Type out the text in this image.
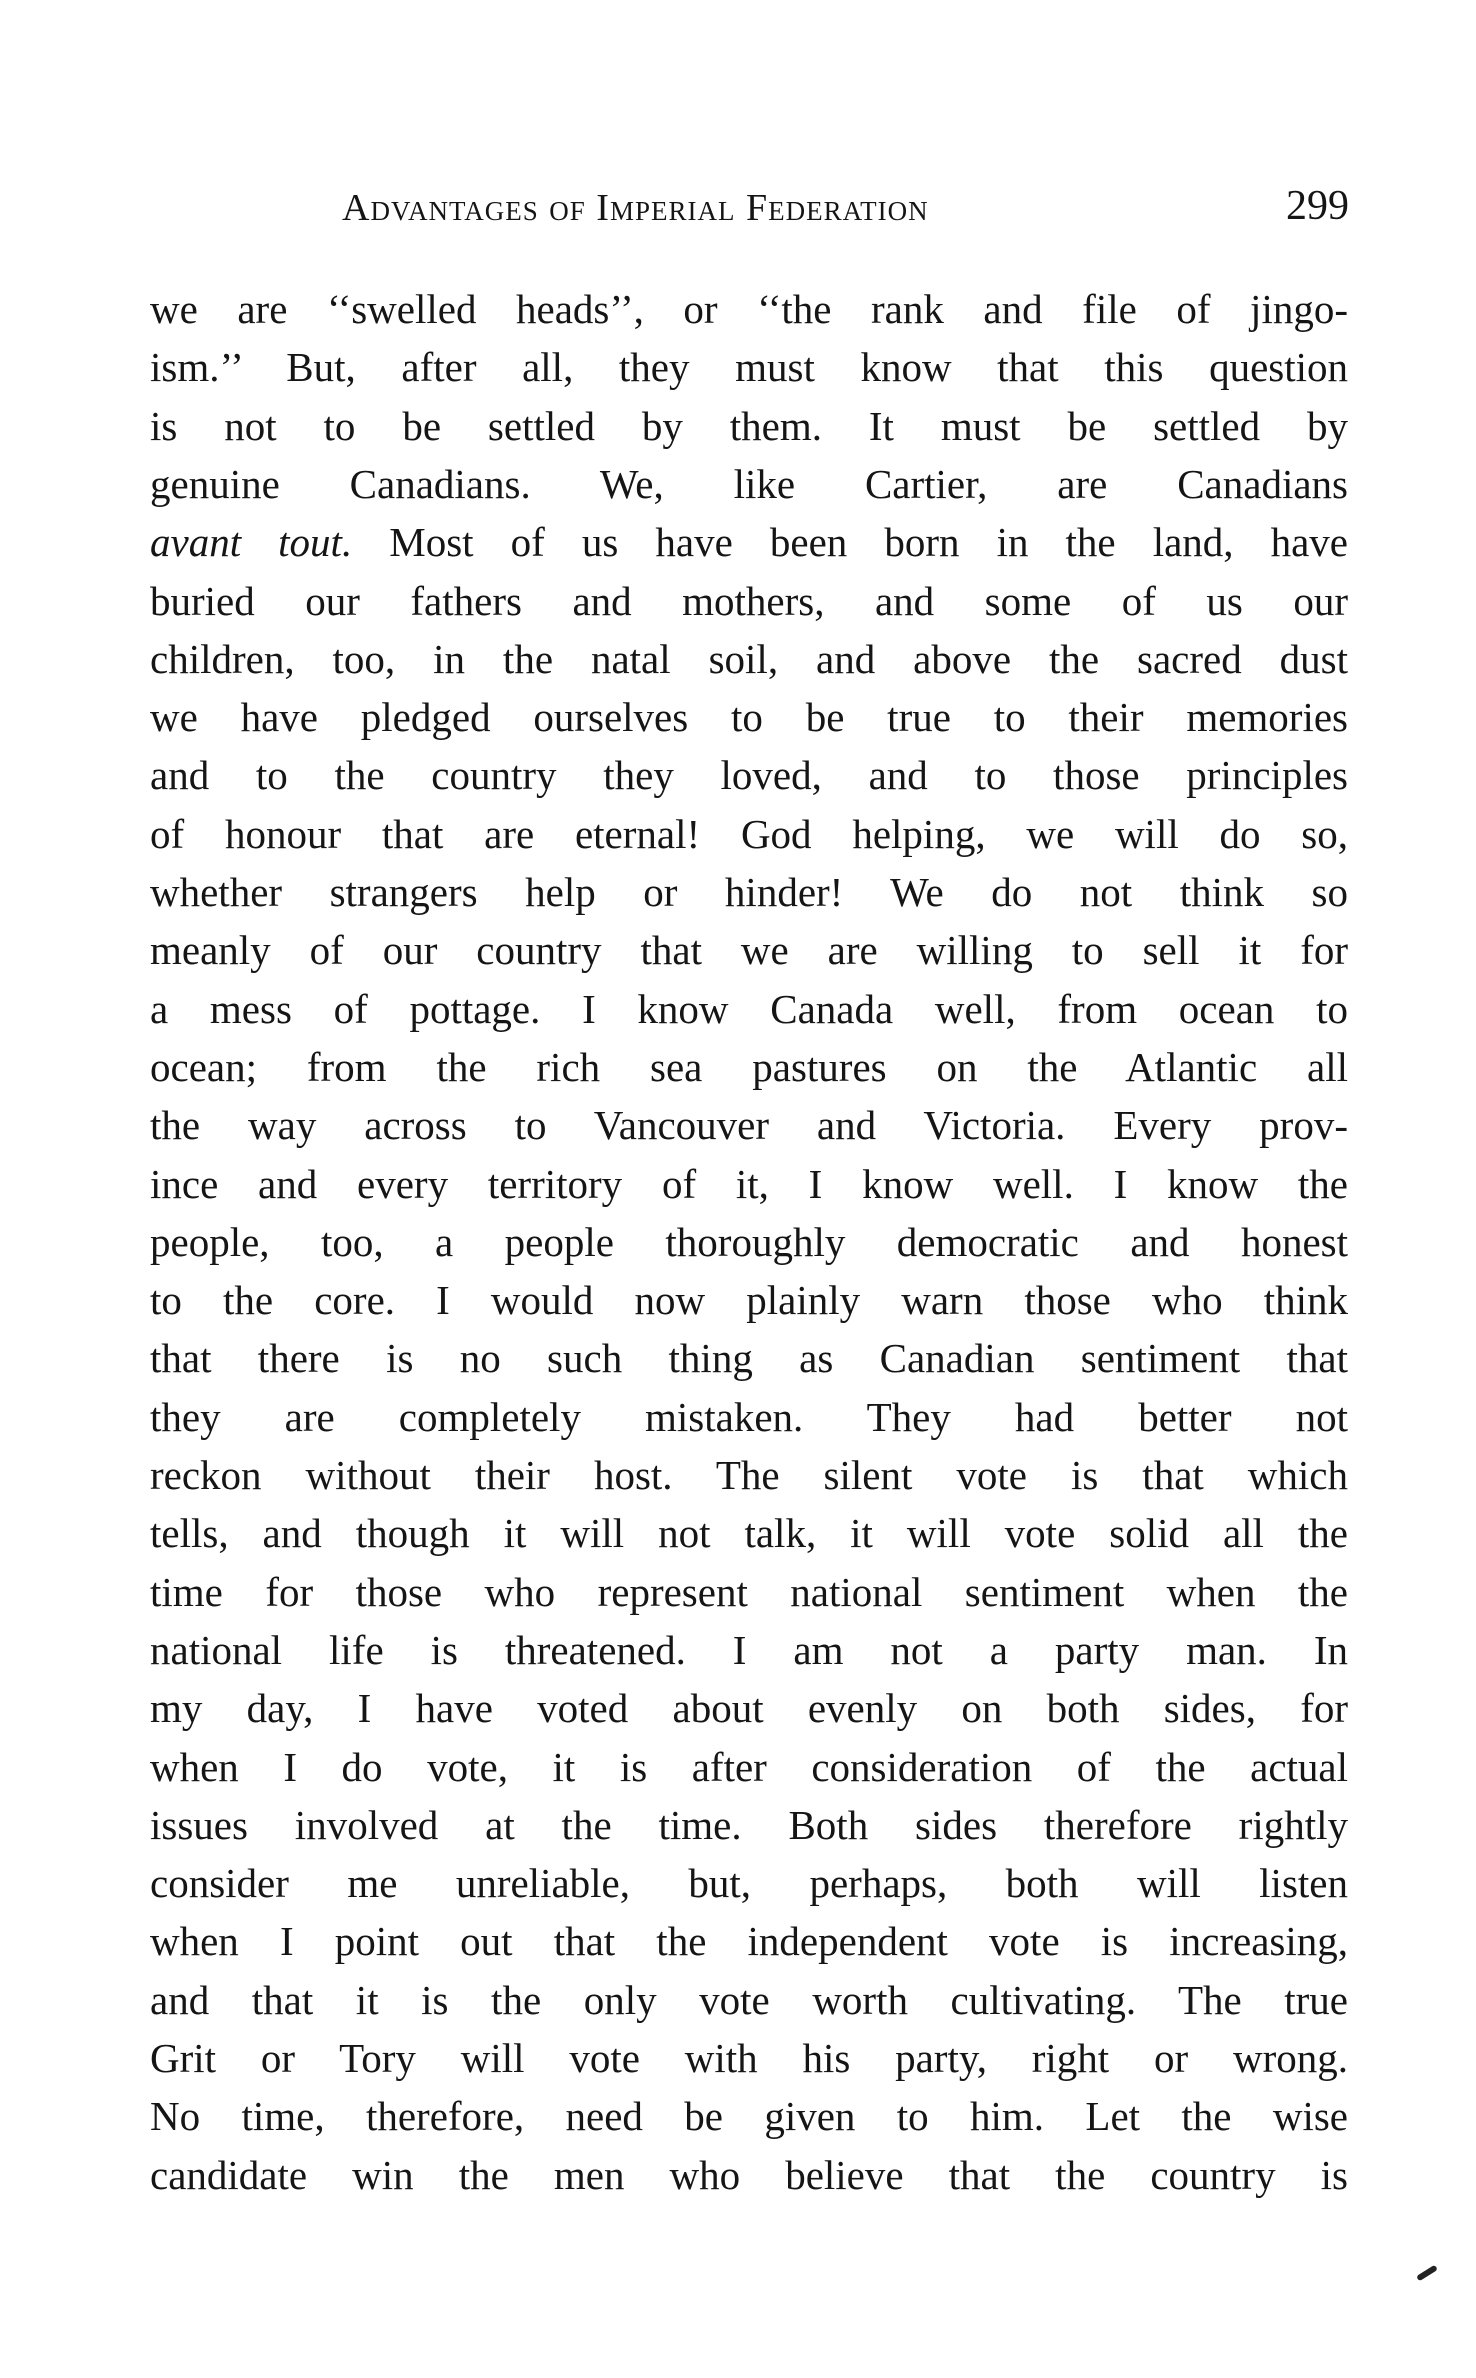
Advantages of Imperial Federation	299
we are ‘‘swelled heads’’, or ‘‘the rank and file of jingo-
ism.’’ But, after all, they must know that this question
is not to be settled by them. It must be settled by
genuine Canadians. We, like Cartier, are Canadians
avant tout. Most of us have been born in the land, have
buried our fathers and mothers, and some of us our
children, too, in the natal soil, and above the sacred dust
we have pledged ourselves to be true to their memories
and to the country they loved, and to those principles
of honour that are eternal! God helping, we will do so,
whether strangers help or hinder! We do not think so
meanly of our country that we are willing to sell it for
a mess of pottage. I know Canada well, from ocean to
ocean; from the rich sea pastures on the Atlantic all
the way across to Vancouver and Victoria. Every prov-
ince and every territory of it, I know well. I know the
people, too, a people thoroughly democratic and honest
to the core. I would now plainly warn those who think
that there is no such thing as Canadian sentiment that
they are completely mistaken. They had better not
reckon without their host. The silent vote is that which
tells, and though it will not talk, it will vote solid all the
time for those who represent national sentiment when the
national life is threatened. I am not a party man. In
my day, I have voted about evenly on both sides, for
when I do vote, it is after consideration of the actual
issues involved at the time. Both sides therefore rightly
consider me unreliable, but, perhaps, both will listen
when I point out that the independent vote is increasing,
and that it is the only vote worth cultivating. The true
Grit or Tory will vote with his party, right or wrong.
No time, therefore, need be given to him. Let the wise
candidate win the men who believe that the country is
